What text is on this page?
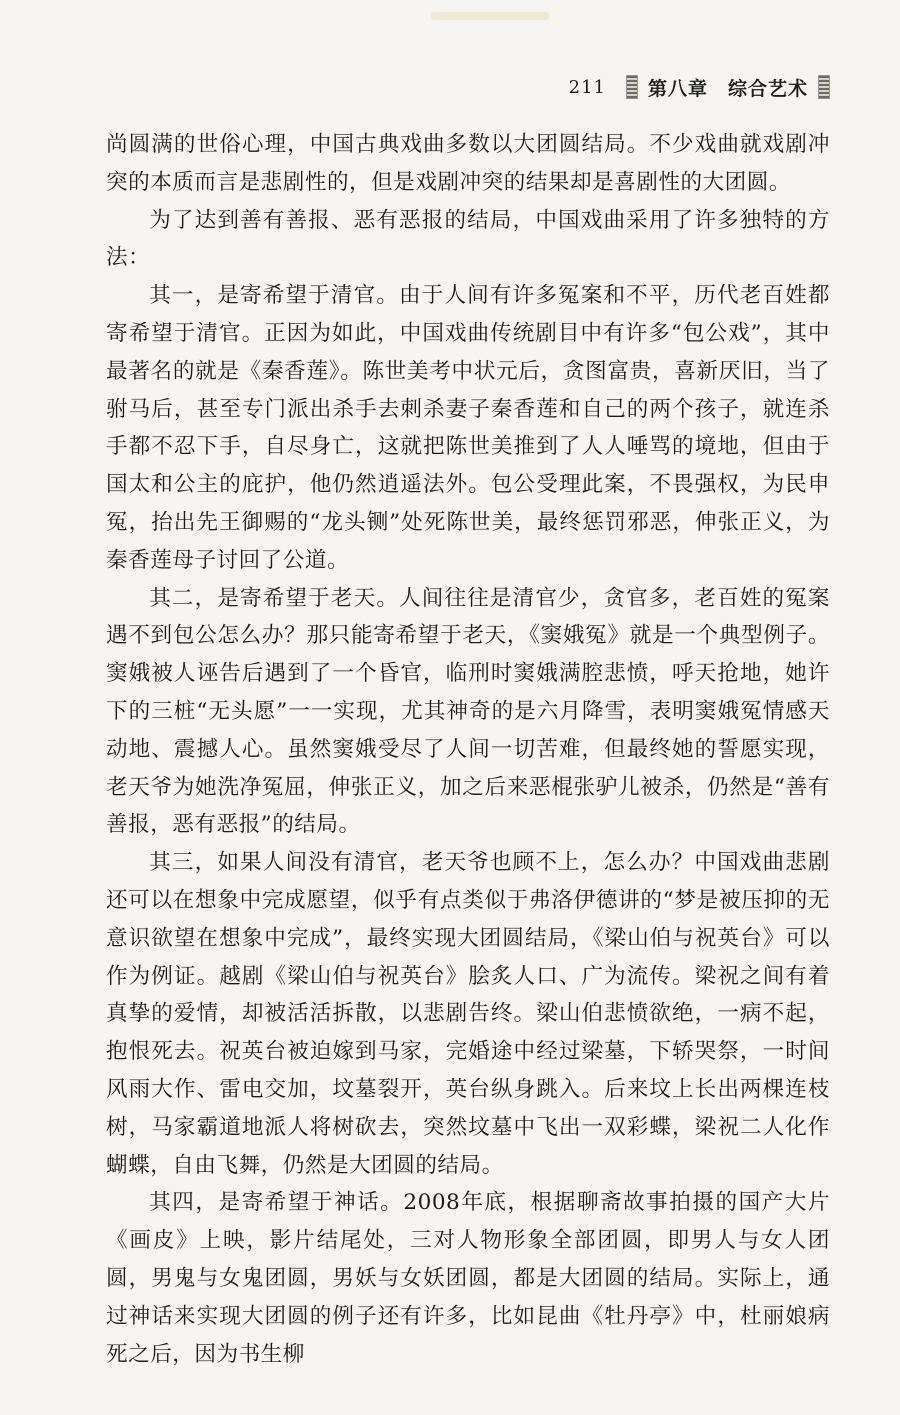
211 第八章　综合艺术

尚圆满的世俗心理，中国古典戏曲多数以大团圆结局。不少戏曲就戏剧冲突的本质而言是悲剧性的，但是戏剧冲突的结果却是喜剧性的大团圆。

为了达到善有善报、恶有恶报的结局，中国戏曲采用了许多独特的方法：

其一，是寄希望于清官。由于人间有许多冤案和不平，历代老百姓都寄希望于清官。正因为如此，中国戏曲传统剧目中有许多“包公戏”，其中最著名的就是《秦香莲》。陈世美考中状元后，贪图富贵，喜新厌旧，当了驸马后，甚至专门派出杀手去刺杀妻子秦香莲和自己的两个孩子，就连杀手都不忍下手，自尽身亡，这就把陈世美推到了人人唾骂的境地，但由于国太和公主的庇护，他仍然逍遥法外。包公受理此案，不畏强权，为民申冤，抬出先王御赐的“龙头铡”处死陈世美，最终惩罚邪恶，伸张正义，为秦香莲母子讨回了公道。

其二，是寄希望于老天。人间往往是清官少，贪官多，老百姓的冤案遇不到包公怎么办？那只能寄希望于老天，《窦娥冤》就是一个典型例子。窦娥被人诬告后遇到了一个昏官，临刑时窦娥满腔悲愤，呼天抢地，她许下的三桩“无头愿”一一实现，尤其神奇的是六月降雪，表明窦娥冤情感天动地、震撼人心。虽然窦娥受尽了人间一切苦难，但最终她的誓愿实现，老天爷为她洗净冤屈，伸张正义，加之后来恶棍张驴儿被杀，仍然是“善有善报，恶有恶报”的结局。

其三，如果人间没有清官，老天爷也顾不上，怎么办？中国戏曲悲剧还可以在想象中完成愿望，似乎有点类似于弗洛伊德讲的“梦是被压抑的无意识欲望在想象中完成”，最终实现大团圆结局，《梁山伯与祝英台》可以作为例证。越剧《梁山伯与祝英台》脍炙人口、广为流传。梁祝之间有着真挚的爱情，却被活活拆散，以悲剧告终。梁山伯悲愤欲绝，一病不起，抱恨死去。祝英台被迫嫁到马家，完婚途中经过梁墓，下轿哭祭，一时间风雨大作、雷电交加，坟墓裂开，英台纵身跳入。后来坟上长出两棵连枝树，马家霸道地派人将树砍去，突然坟墓中飞出一双彩蝶，梁祝二人化作蝴蝶，自由飞舞，仍然是大团圆的结局。

其四，是寄希望于神话。2008年底，根据聊斋故事拍摄的国产大片《画皮》上映，影片结尾处，三对人物形象全部团圆，即男人与女人团圆，男鬼与女鬼团圆，男妖与女妖团圆，都是大团圆的结局。实际上，通过神话来实现大团圆的例子还有许多，比如昆曲《牡丹亭》中，杜丽娘病死之后，因为书生柳
